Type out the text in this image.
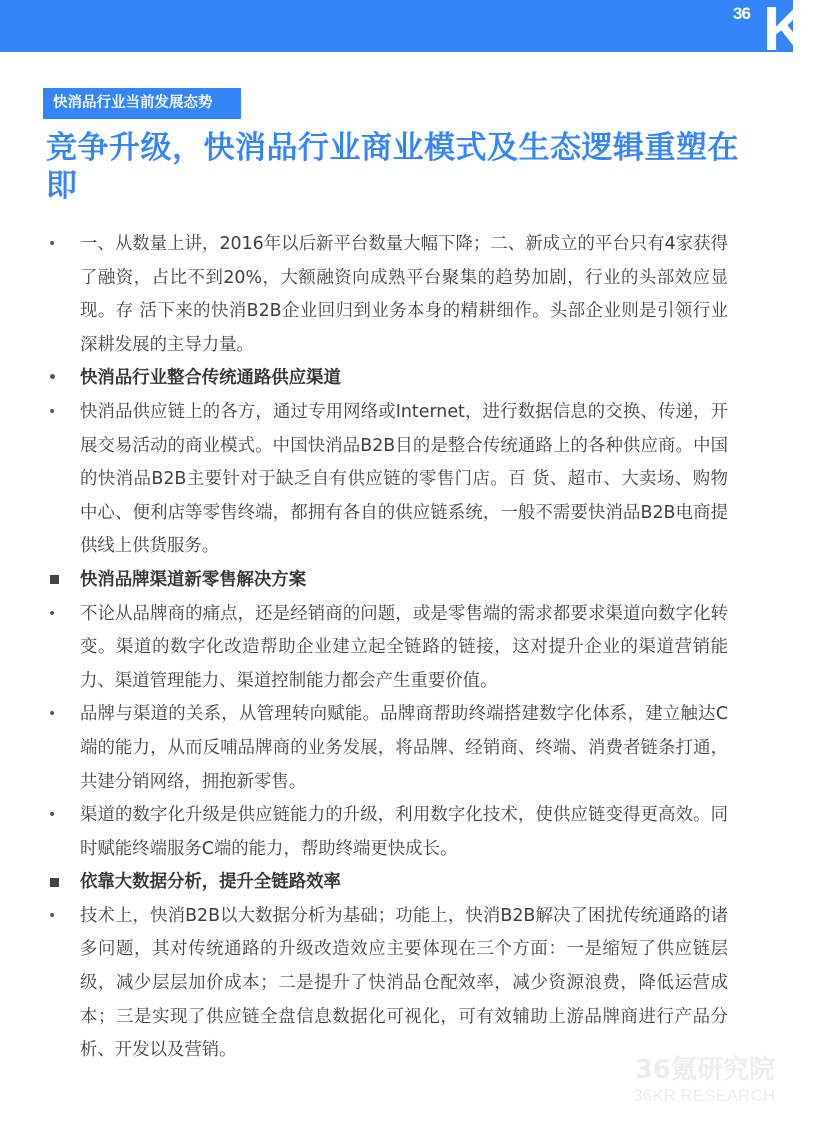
36 Kr
快消品行业当前发展态势
竞争升级，快消品行业商业模式及生态逻辑重塑在即
•	一、从数量上讲，2016年以后新平台数量大幅下降；二、新成立的平台只有4家获得了融资，占比不到20%，大额融资向成熟平台聚集的趋势加剧，行业的头部效应显现。存 活下来的快消B2B企业回归到业务本身的精耕细作。头部企业则是引领行业深耕发展的主导力量。
•	快消品行业整合传统通路供应渠道
•	快消品供应链上的各方，通过专用网络或Internet，进行数据信息的交换、传递，开展交易活动的商业模式。中国快消品B2B目的是整合传统通路上的各种供应商。中国的快消品B2B主要针对于缺乏自有供应链的零售门店。百 货、超市、大卖场、购物中心、便利店等零售终端，都拥有各自的供应链系统，一般不需要快消品B2B电商提供线上供货服务。
快消品牌渠道新零售解决方案
•	不论从品牌商的痛点，还是经销商的问题，或是零售端的需求都要求渠道向数字化转变。渠道的数字化改造帮助企业建立起全链路的链接，这对提升企业的渠道营销能力、渠道管理能力、渠道控制能力都会产生重要价值。
•	品牌与渠道的关系，从管理转向赋能。品牌商帮助终端搭建数字化体系，建立触达C端的能力，从而反哺品牌商的业务发展，将品牌、经销商、终端、消费者链条打通，共建分销网络，拥抱新零售。
•	渠道的数字化升级是供应链能力的升级，利用数字化技术，使供应链变得更高效。同时赋能终端服务C端的能力，帮助终端更快成长。
依靠大数据分析，提升全链路效率
•	技术上，快消B2B以大数据分析为基础；功能上，快消B2B解决了困扰传统通路的诸多问题，其对传统通路的升级改造效应主要体现在三个方面：一是缩短了供应链层级，减少层层加价成本；二是提升了快消品仓配效率，减少资源浪费，降低运营成本；三是实现了供应链全盘信息数据化可视化，可有效辅助上游品牌商进行产品分析、开发以及营销。
36氪研究院
36KR RESEARCH
